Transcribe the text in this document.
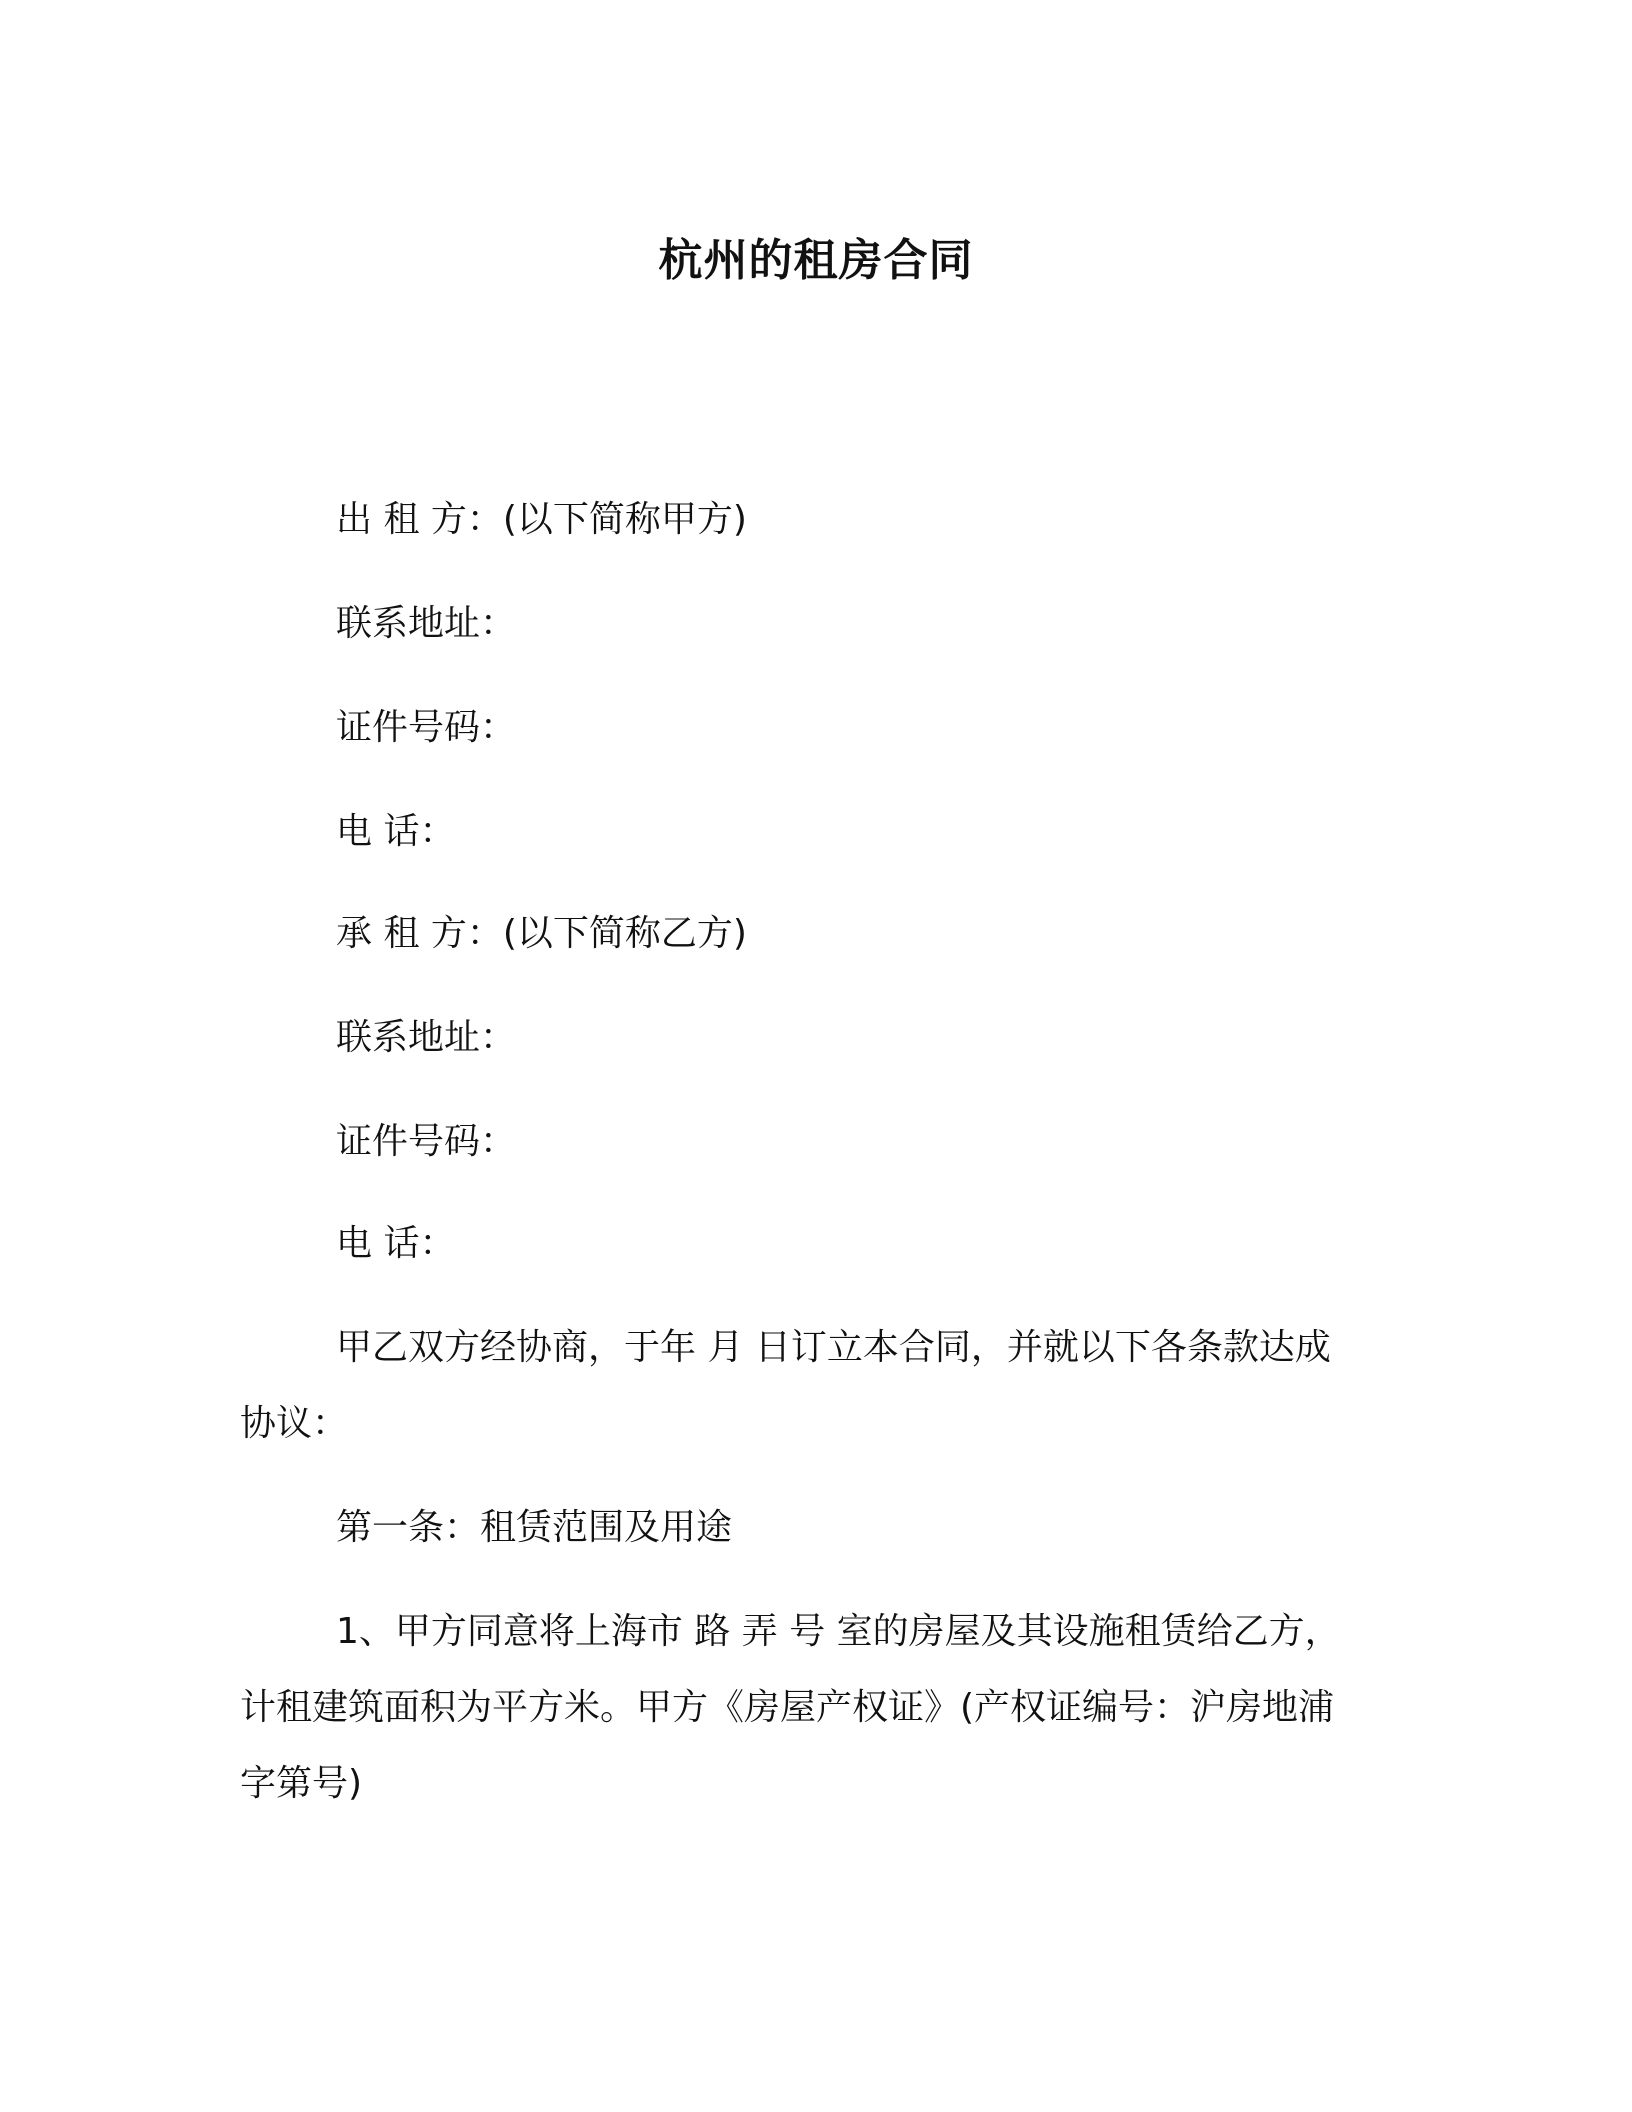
杭州的租房合同
出 租 方：(以下简称甲方)
联系地址：
证件号码：
电 话：
承 租 方：(以下简称乙方)
联系地址：
证件号码：
电 话：
甲乙双方经协商，于年 月 日订立本合同，并就以下各条款达成
协议：
第一条：租赁范围及用途
1、甲方同意将上海市 路 弄 号 室的房屋及其设施租赁给乙方，
计租建筑面积为平方米。甲方《房屋产权证》(产权证编号：沪房地浦
字第号)
